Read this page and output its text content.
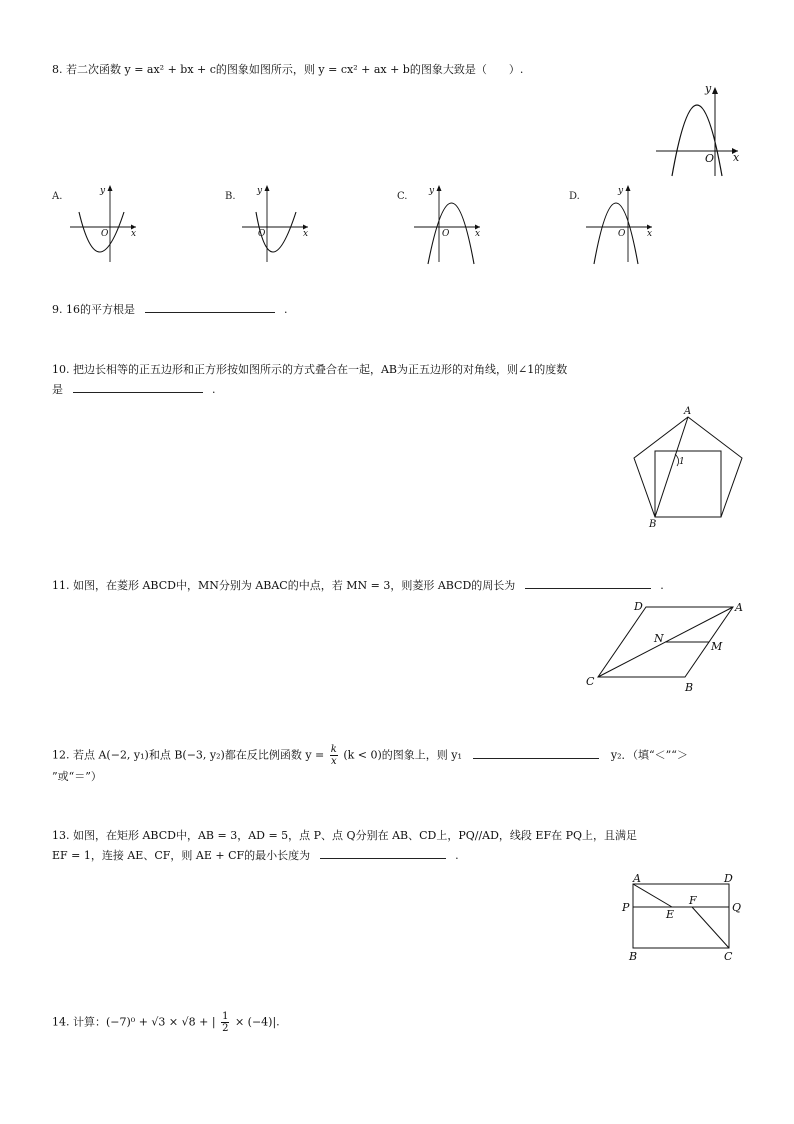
8. 若二次函数 y = ax² + bx + c的图象如图所示，则 y = cx² + ax + b的图象大致是（　　）.
y
O x
A.	y
O	x
B. y
O	x
C. y
O	x
D.	y
O x
9. 16的平方根是	.
10. 把边长相等的正五边形和正方形按如图所示的方式叠合在一起，AB为正五边形的对角线，则∠1的度数
是	.
A
B
1
11. 如图，在菱形 ABCD中，MN分别为 ABAC的中点，若 MN = 3，则菱形 ABCD的周长为	.
D	A
C	B
N
M
12. 若点 A(−2, y₁)和点 B(−3, y₂)都在反比例函数 $y = \frac{k}{x} (k < 0)$的图象上，则 y₁	y₂．（填“＜”“＞
”或“＝”）
13. 如图，在矩形 ABCD中，AB = 3，AD = 5，点 P、点 Q分别在 AB、CD上，PQ//AD，线段 EF在 PQ上，且满足
EF = 1，连接 AE、CF，则 AE + CF的最小长度为	.
A	D
P	Q
E
F
B	C
14. 计算：(−7)⁰ + √3 × √8 + | $\frac{1}{2} \times (-4)|$.
